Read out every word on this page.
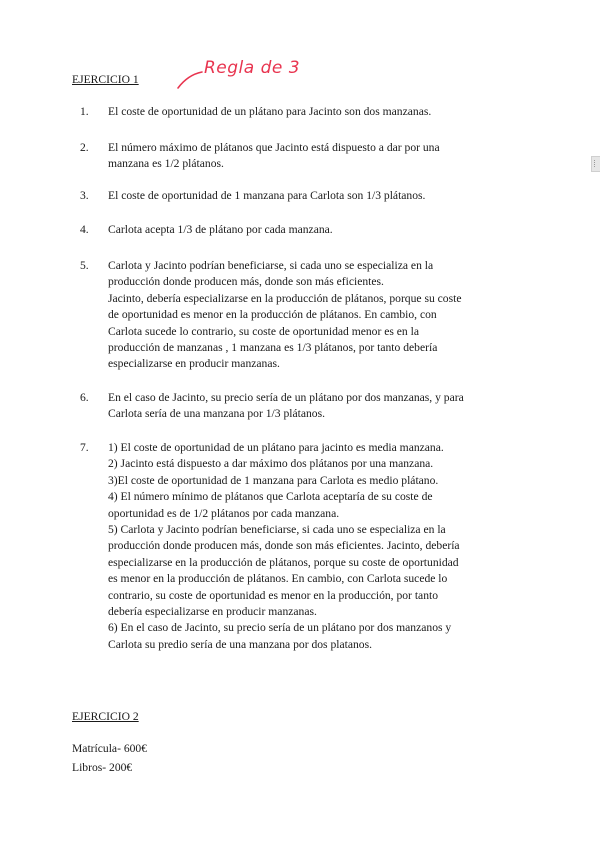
EJERCICIO 1
Regla de 3
1. El coste de oportunidad de un plátano para Jacinto son dos manzanas.
2. El número máximo de plátanos que Jacinto está dispuesto a dar por una
manzana es 1/2 plátanos.
3. El coste de oportunidad de 1 manzana para Carlota son 1/3 plátanos.
4. Carlota acepta 1/3 de plátano por cada manzana.
5. Carlota y Jacinto podrían beneficiarse, si cada uno se especializa en la
producción donde producen más, donde son más eficientes.
Jacinto, debería especializarse en la producción de plátanos, porque su coste
de oportunidad es menor en la producción de plátanos. En cambio, con
Carlota sucede lo contrario, su coste de oportunidad menor es en la
producción de manzanas , 1 manzana es 1/3 plátanos, por tanto debería
especializarse en producir manzanas.
6. En el caso de Jacinto, su precio sería de un plátano por dos manzanas, y para
Carlota sería de una manzana por 1/3 plátanos.
7. 1) El coste de oportunidad de un plátano para jacinto es media manzana.
2) Jacinto está dispuesto a dar máximo dos plátanos por una manzana.
3)El coste de oportunidad de 1 manzana para Carlota es medio plátano.
4) El número mínimo de plátanos que Carlota aceptaría de su coste de
oportunidad es de 1/2 plátanos por cada manzana.
5) Carlota y Jacinto podrían beneficiarse, si cada uno se especializa en la
producción donde producen más, donde son más eficientes. Jacinto, debería
especializarse en la producción de plátanos, porque su coste de oportunidad
es menor en la producción de plátanos. En cambio, con Carlota sucede lo
contrario, su coste de oportunidad es menor en la producción, por tanto
debería especializarse en producir manzanas.
6) En el caso de Jacinto, su precio sería de un plátano por dos manzanos y
Carlota su predio sería de una manzana por dos platanos.
EJERCICIO 2
Matrícula- 600€
Libros- 200€
